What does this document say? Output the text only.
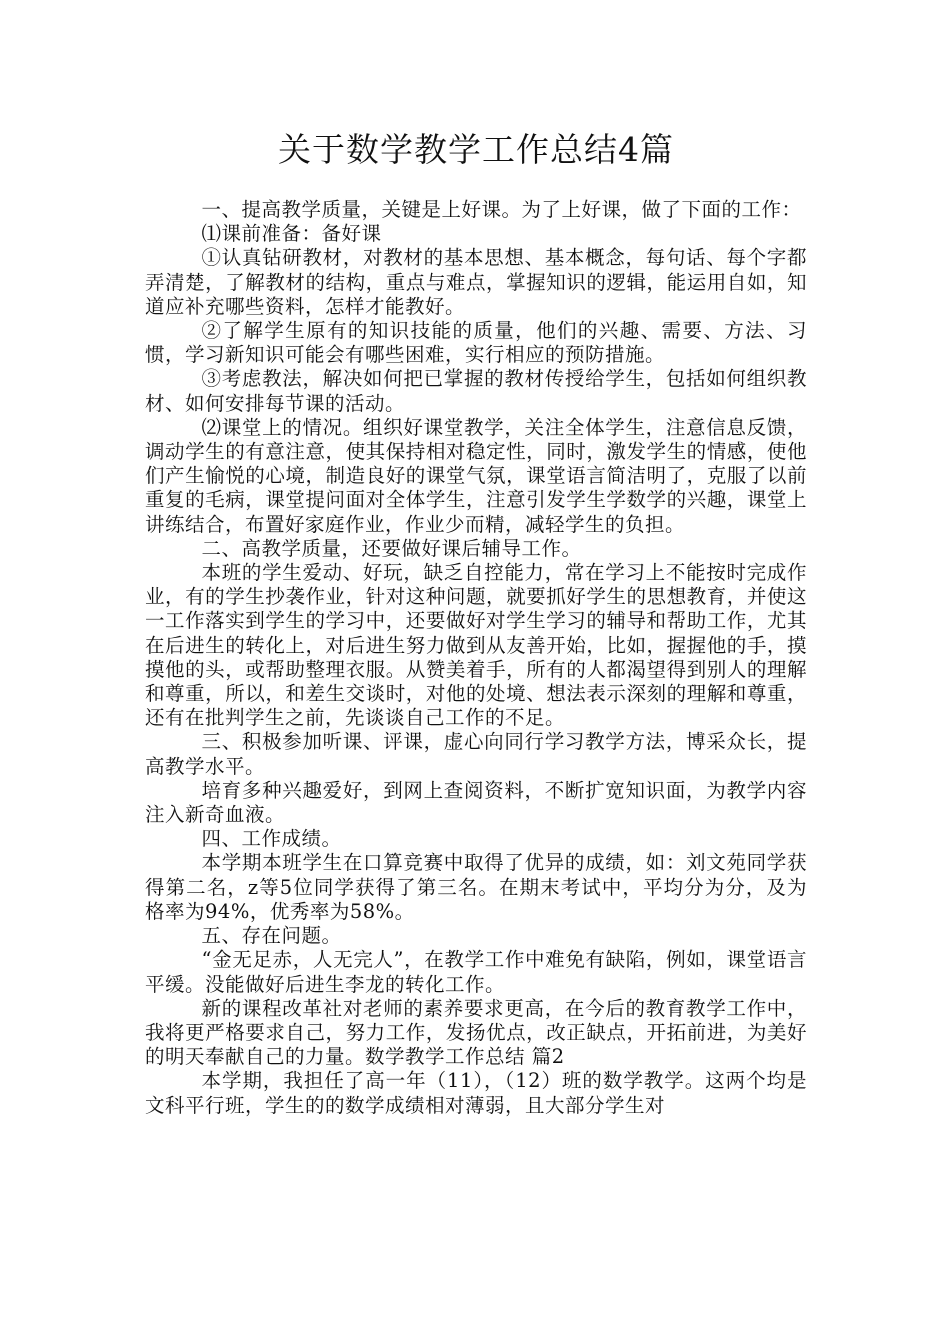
关于数学教学工作总结4篇

一、提高教学质量，关键是上好课。为了上好课，做了下面的工作：

⑴课前准备：备好课

①认真钻研教材，对教材的基本思想、基本概念，每句话、每个字都弄清楚，了解教材的结构，重点与难点，掌握知识的逻辑，能运用自如，知道应补充哪些资料，怎样才能教好。

②了解学生原有的知识技能的质量，他们的兴趣、需要、方法、习惯，学习新知识可能会有哪些困难，实行相应的预防措施。

③考虑教法，解决如何把已掌握的教材传授给学生，包括如何组织教材、如何安排每节课的活动。

⑵课堂上的情况。组织好课堂教学，关注全体学生，注意信息反馈，调动学生的有意注意，使其保持相对稳定性，同时，激发学生的情感，使他们产生愉悦的心境，制造良好的课堂气氛，课堂语言简洁明了，克服了以前重复的毛病，课堂提问面对全体学生，注意引发学生学数学的兴趣，课堂上讲练结合，布置好家庭作业，作业少而精，减轻学生的负担。

二、高教学质量，还要做好课后辅导工作。

本班的学生爱动、好玩，缺乏自控能力，常在学习上不能按时完成作业，有的学生抄袭作业，针对这种问题，就要抓好学生的思想教育，并使这一工作落实到学生的学习中，还要做好对学生学习的辅导和帮助工作，尤其在后进生的转化上，对后进生努力做到从友善开始，比如，握握他的手，摸摸他的头，或帮助整理衣服。从赞美着手，所有的人都渴望得到别人的理解和尊重，所以，和差生交谈时，对他的处境、想法表示深刻的理解和尊重，还有在批判学生之前，先谈谈自己工作的不足。

三、积极参加听课、评课，虚心向同行学习教学方法，博采众长，提高教学水平。

培育多种兴趣爱好，到网上查阅资料，不断扩宽知识面，为教学内容注入新奇血液。

四、工作成绩。

本学期本班学生在口算竞赛中取得了优异的成绩，如：刘文苑同学获得第二名，z等5位同学获得了第三名。在期末考试中，平均分为分，及为格率为94%，优秀率为58%。

五、存在问题。

“金无足赤，人无完人”，在教学工作中难免有缺陷，例如，课堂语言平缓。没能做好后进生李龙的转化工作。

新的课程改革社对老师的素养要求更高，在今后的教育教学工作中，我将更严格要求自己，努力工作，发扬优点，改正缺点，开拓前进，为美好的明天奉献自己的力量。数学教学工作总结 篇2

本学期，我担任了高一年（11），（12）班的数学教学。这两个均是文科平行班，学生的的数学成绩相对薄弱，且大部分学生对
